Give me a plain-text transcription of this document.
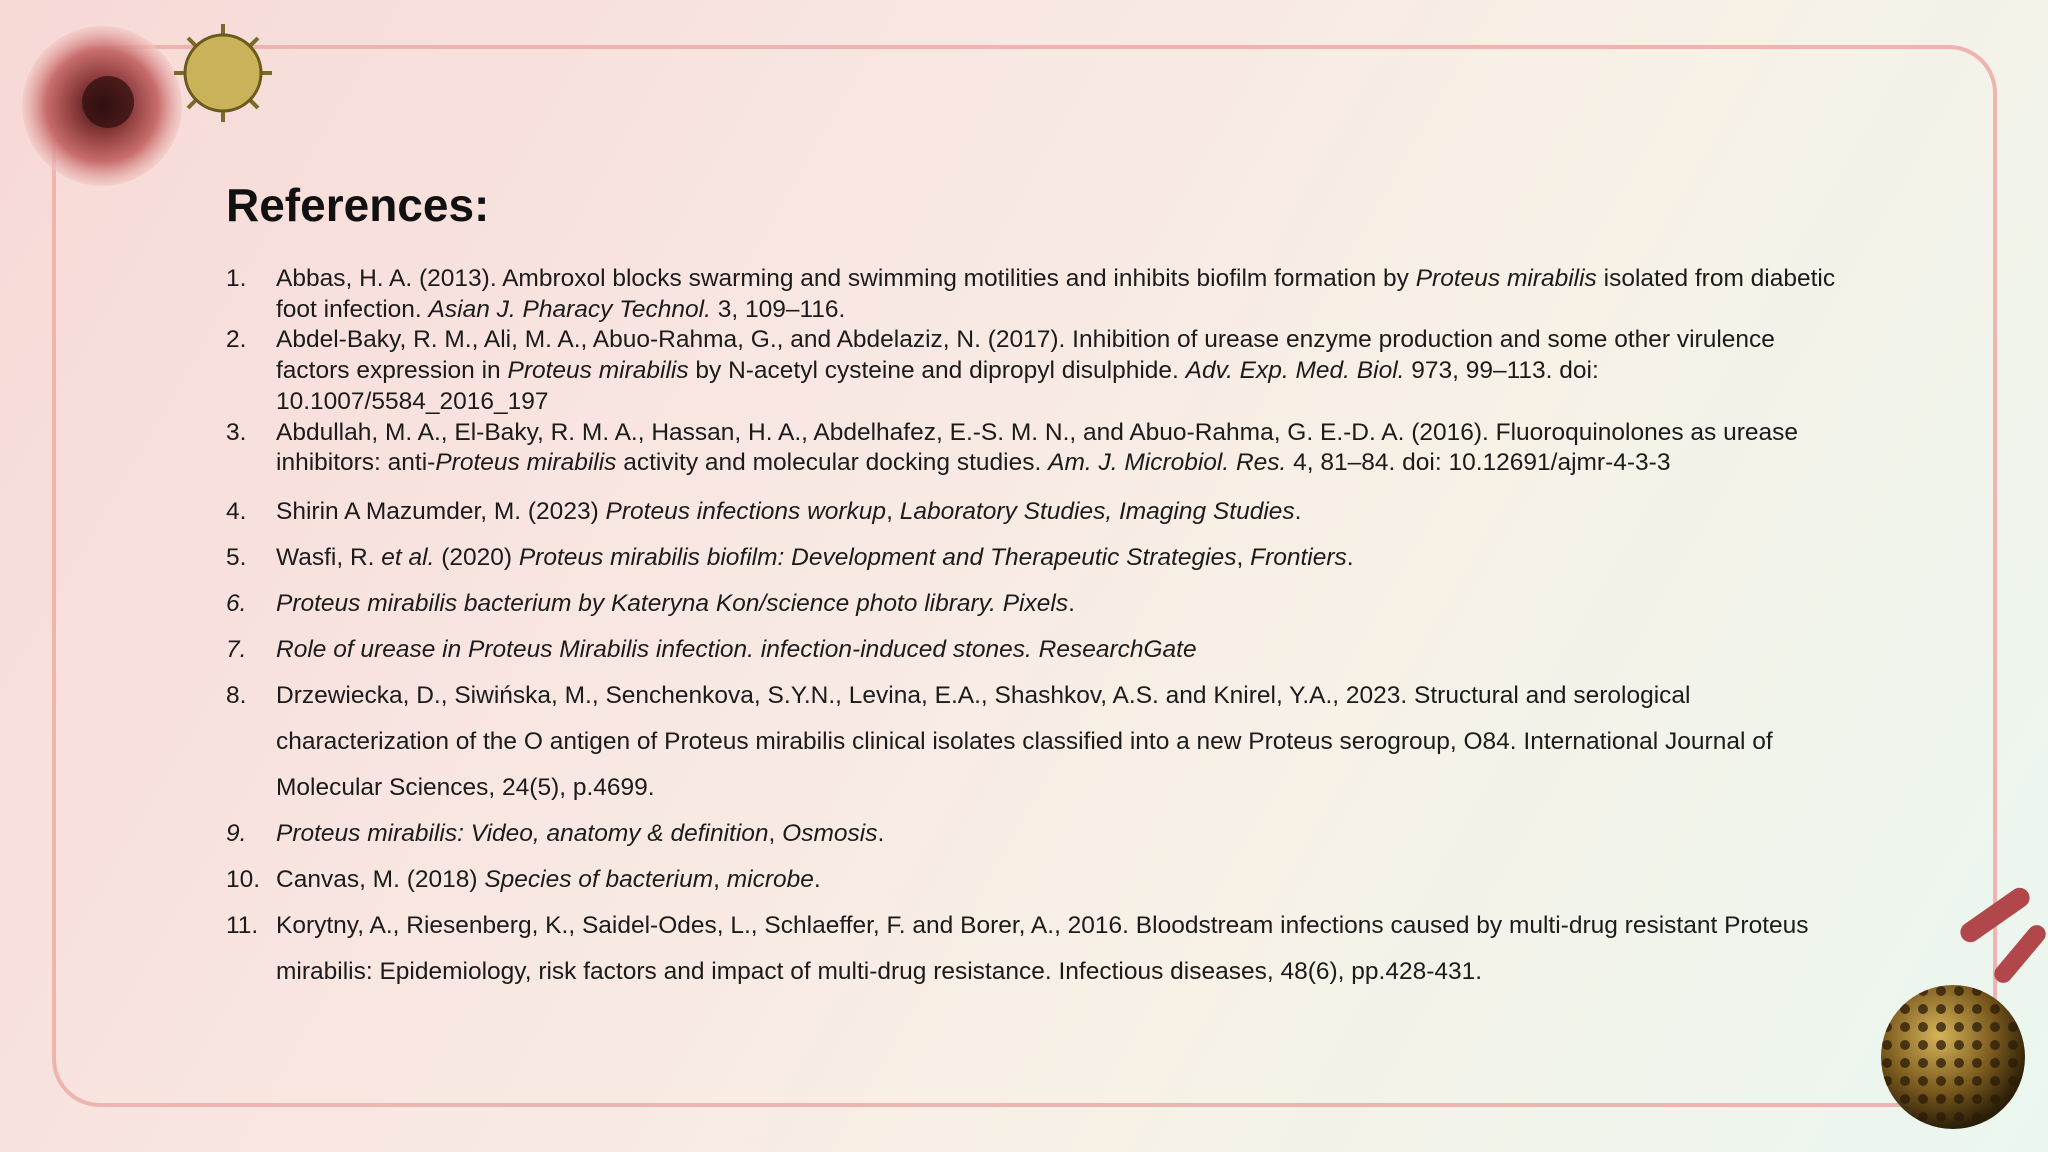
References:
1.	Abbas, H. A. (2013). Ambroxol blocks swarming and swimming motilities and inhibits biofilm formation by Proteus mirabilis isolated from diabetic foot infection. Asian J. Pharacy Technol. 3, 109–116.
2.	Abdel-Baky, R. M., Ali, M. A., Abuo-Rahma, G., and Abdelaziz, N. (2017). Inhibition of urease enzyme production and some other virulence factors expression in Proteus mirabilis by N-acetyl cysteine and dipropyl disulphide. Adv. Exp. Med. Biol. 973, 99–113. doi: 10.1007/5584_2016_197
3.	Abdullah, M. A., El-Baky, R. M. A., Hassan, H. A., Abdelhafez, E.-S. M. N., and Abuo-Rahma, G. E.-D. A. (2016). Fluoroquinolones as urease inhibitors: anti-Proteus mirabilis activity and molecular docking studies. Am. J. Microbiol. Res. 4, 81–84. doi: 10.12691/ajmr-4-3-3
4.	Shirin A Mazumder, M. (2023) Proteus infections workup, Laboratory Studies, Imaging Studies.
5.	Wasfi, R. et al. (2020) Proteus mirabilis biofilm: Development and Therapeutic Strategies, Frontiers.
6.	Proteus mirabilis bacterium by Kateryna Kon/science photo library. Pixels.
7.	Role of urease in Proteus Mirabilis infection. infection-induced stones. ResearchGate
8.	Drzewiecka, D., Siwińska, M., Senchenkova, S.Y.N., Levina, E.A., Shashkov, A.S. and Knirel, Y.A., 2023. Structural and serological characterization of the O antigen of Proteus mirabilis clinical isolates classified into a new Proteus serogroup, O84. International Journal of Molecular Sciences, 24(5), p.4699.
9.	Proteus mirabilis: Video, anatomy & definition, Osmosis.
10. Canvas, M. (2018) Species of bacterium, microbe.
11. Korytny, A., Riesenberg, K., Saidel-Odes, L., Schlaeffer, F. and Borer, A., 2016. Bloodstream infections caused by multi-drug resistant Proteus mirabilis: Epidemiology, risk factors and impact of multi-drug resistance. Infectious diseases, 48(6), pp.428-431.
